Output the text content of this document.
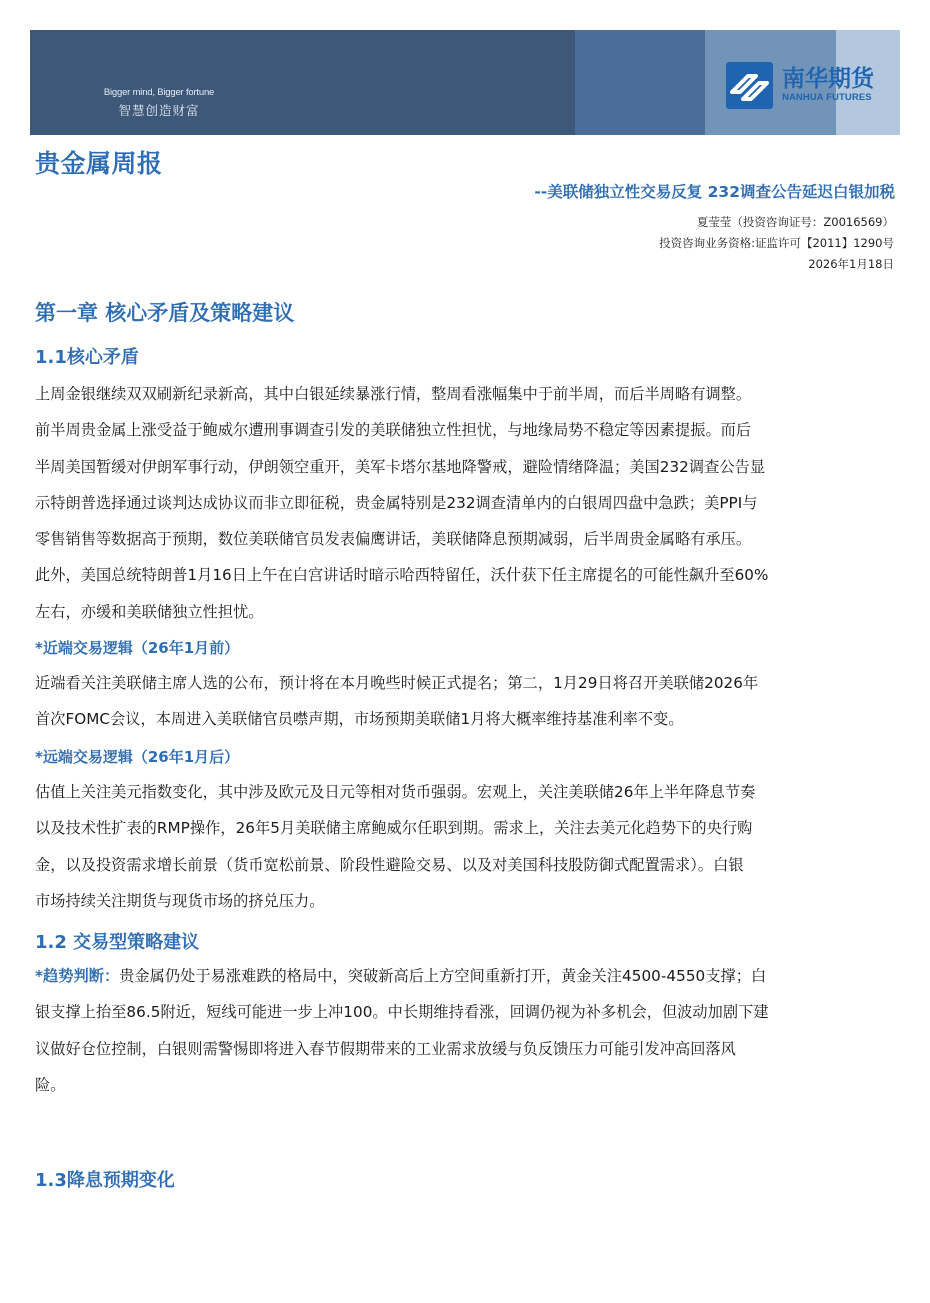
Bigger mind, Bigger fortune
智慧创造财富
南华期货
NANHUA FUTURES
贵金属周报
--美联储独立性交易反复 232调查公告延迟白银加税
夏莹莹（投资咨询证号：Z0016569）
投资咨询业务资格:证监许可【2011】1290号
2026年1月18日
第一章 核心矛盾及策略建议
1.1核心矛盾
上周金银继续双双刷新纪录新高，其中白银延续暴涨行情，整周看涨幅集中于前半周，而后半周略有调整。
前半周贵金属上涨受益于鲍威尔遭刑事调查引发的美联储独立性担忧，与地缘局势不稳定等因素提振。而后
半周美国暂缓对伊朗军事行动，伊朗领空重开，美军卡塔尔基地降警戒，避险情绪降温；美国232调查公告显
示特朗普选择通过谈判达成协议而非立即征税，贵金属特别是232调查清单内的白银周四盘中急跌；美PPI与
零售销售等数据高于预期，数位美联储官员发表偏鹰讲话，美联储降息预期减弱，后半周贵金属略有承压。
此外，美国总统特朗普1月16日上午在白宫讲话时暗示哈西特留任，沃什获下任主席提名的可能性飙升至60%
左右，亦缓和美联储独立性担忧。
*近端交易逻辑（26年1月前）
近端看关注美联储主席人选的公布，预计将在本月晚些时候正式提名；第二，1月29日将召开美联储2026年
首次FOMC会议，本周进入美联储官员噤声期，市场预期美联储1月将大概率维持基准利率不变。
*远端交易逻辑（26年1月后）
估值上关注美元指数变化，其中涉及欧元及日元等相对货币强弱。宏观上，关注美联储26年上半年降息节奏
以及技术性扩表的RMP操作，26年5月美联储主席鲍威尔任职到期。需求上，关注去美元化趋势下的央行购
金，以及投资需求增长前景（货币宽松前景、阶段性避险交易、以及对美国科技股防御式配置需求）。白银
市场持续关注期货与现货市场的挤兑压力。
1.2 交易型策略建议
*趋势判断：贵金属仍处于易涨难跌的格局中，突破新高后上方空间重新打开，黄金关注4500-4550支撑；白
银支撑上抬至86.5附近，短线可能进一步上冲100。中长期维持看涨，回调仍视为补多机会，但波动加剧下建
议做好仓位控制，白银则需警惕即将进入春节假期带来的工业需求放缓与负反馈压力可能引发冲高回落风
险。
1.3降息预期变化
